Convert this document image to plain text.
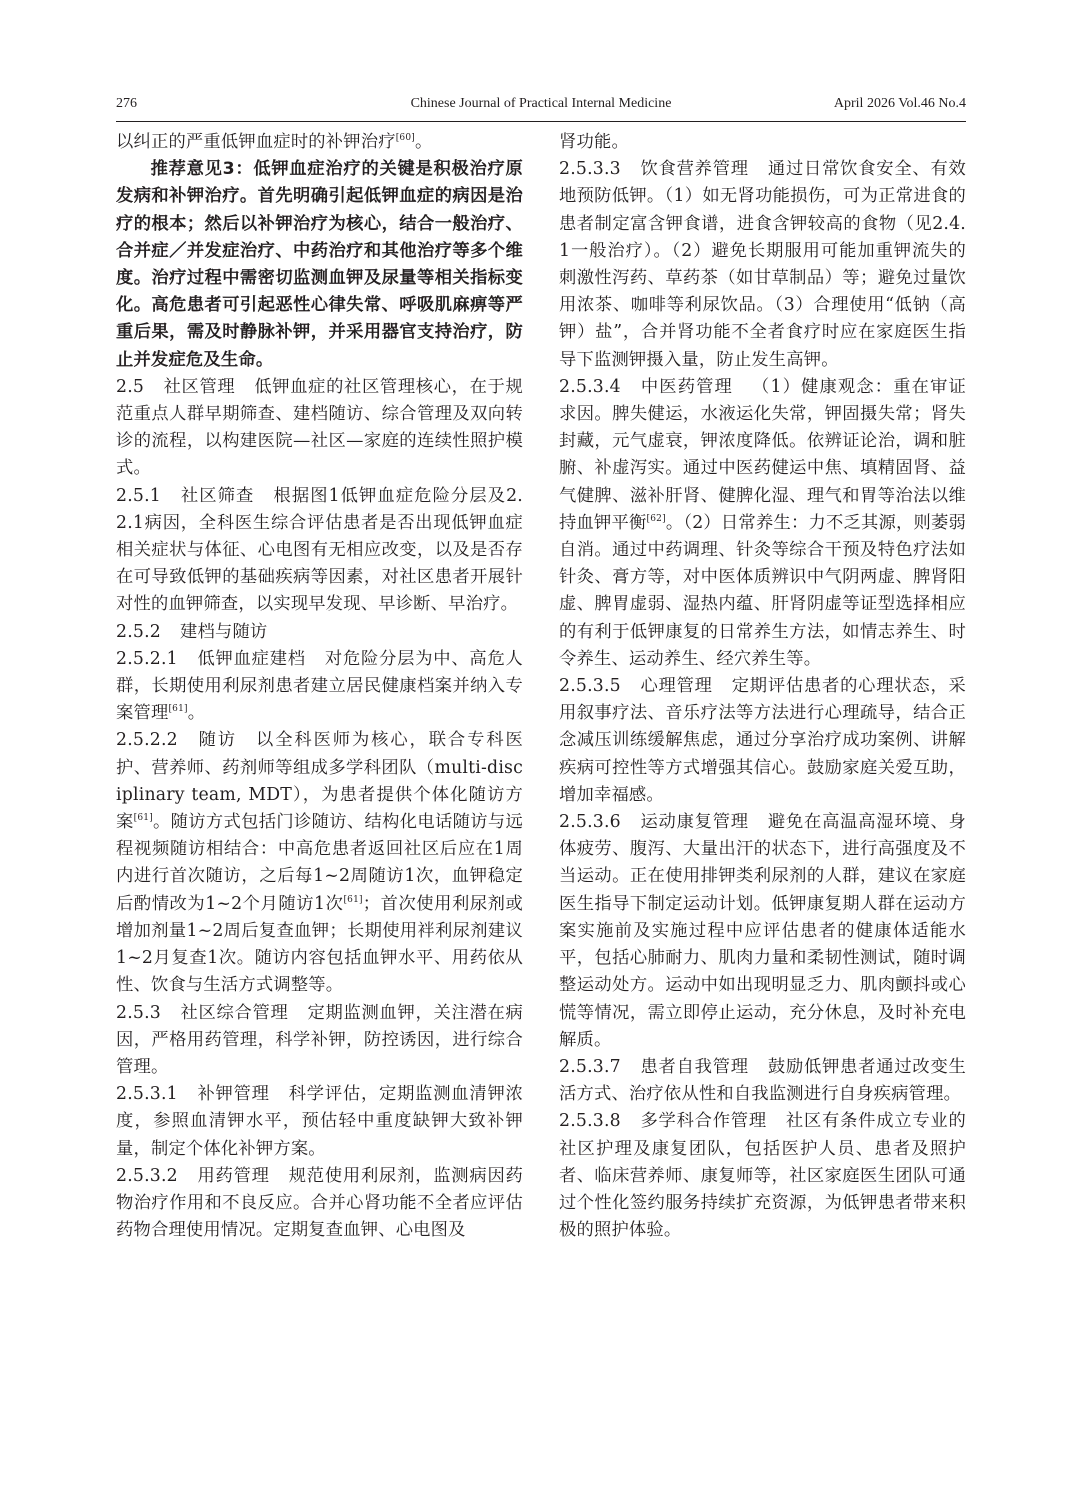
276	Chinese Journal of Practical Internal Medicine	April 2026 Vol.46 No.4

以纠正的严重低钾血症时的补钾治疗[60]。

推荐意见3：低钾血症治疗的关键是积极治疗原发病和补钾治疗。首先明确引起低钾血症的病因是治疗的根本；然后以补钾治疗为核心，结合一般治疗、合并症／并发症治疗、中药治疗和其他治疗等多个维度。治疗过程中需密切监测血钾及尿量等相关指标变化。高危患者可引起恶性心律失常、呼吸肌麻痹等严重后果，需及时静脉补钾，并采用器官支持治疗，防止并发症危及生命。

2.5 社区管理 低钾血症的社区管理核心，在于规范重点人群早期筛查、建档随访、综合管理及双向转诊的流程，以构建医院—社区—家庭的连续性照护模式。

2.5.1 社区筛查 根据图1低钾血症危险分层及2.2.1病因，全科医生综合评估患者是否出现低钾血症相关症状与体征、心电图有无相应改变，以及是否存在可导致低钾的基础疾病等因素，对社区患者开展针对性的血钾筛查，以实现早发现、早诊断、早治疗。

2.5.2 建档与随访

2.5.2.1 低钾血症建档 对危险分层为中、高危人群，长期使用利尿剂患者建立居民健康档案并纳入专案管理[61]。

2.5.2.2 随访 以全科医师为核心，联合专科医护、营养师、药剂师等组成多学科团队（multi-disciplinary team, MDT），为患者提供个体化随访方案[61]。随访方式包括门诊随访、结构化电话随访与远程视频随访相结合：中高危患者返回社区后应在1周内进行首次随访，之后每1~2周随访1次，血钾稳定后酌情改为1~2个月随访1次[61]；首次使用利尿剂或增加剂量1~2周后复查血钾；长期使用袢利尿剂建议1~2月复查1次。随访内容包括血钾水平、用药依从性、饮食与生活方式调整等。

2.5.3 社区综合管理 定期监测血钾，关注潜在病因，严格用药管理，科学补钾，防控诱因，进行综合管理。

2.5.3.1 补钾管理 科学评估，定期监测血清钾浓度，参照血清钾水平，预估轻中重度缺钾大致补钾量，制定个体化补钾方案。

2.5.3.2 用药管理 规范使用利尿剂，监测病因药物治疗作用和不良反应。合并心肾功能不全者应评估药物合理使用情况。定期复查血钾、心电图及

肾功能。

2.5.3.3 饮食营养管理 通过日常饮食安全、有效地预防低钾。（1）如无肾功能损伤，可为正常进食的患者制定富含钾食谱，进食含钾较高的食物（见2.4.1一般治疗）。（2）避免长期服用可能加重钾流失的刺激性泻药、草药茶（如甘草制品）等；避免过量饮用浓茶、咖啡等利尿饮品。（3）合理使用“低钠（高钾）盐”，合并肾功能不全者食疗时应在家庭医生指导下监测钾摄入量，防止发生高钾。

2.5.3.4 中医药管理 （1）健康观念：重在审证求因。脾失健运，水液运化失常，钾固摄失常；肾失封藏，元气虚衰，钾浓度降低。依辨证论治，调和脏腑、补虚泻实。通过中医药健运中焦、填精固肾、益气健脾、滋补肝肾、健脾化湿、理气和胃等治法以维持血钾平衡[62]。（2）日常养生：力不乏其源，则萎弱自消。通过中药调理、针灸等综合干预及特色疗法如针灸、膏方等，对中医体质辨识中气阴两虚、脾肾阳虚、脾胃虚弱、湿热内蕴、肝肾阴虚等证型选择相应的有利于低钾康复的日常养生方法，如情志养生、时令养生、运动养生、经穴养生等。

2.5.3.5 心理管理 定期评估患者的心理状态，采用叙事疗法、音乐疗法等方法进行心理疏导，结合正念减压训练缓解焦虑，通过分享治疗成功案例、讲解疾病可控性等方式增强其信心。鼓励家庭关爱互助，增加幸福感。

2.5.3.6 运动康复管理 避免在高温高湿环境、身体疲劳、腹泻、大量出汗的状态下，进行高强度及不当运动。正在使用排钾类利尿剂的人群，建议在家庭医生指导下制定运动计划。低钾康复期人群在运动方案实施前及实施过程中应评估患者的健康体适能水平，包括心肺耐力、肌肉力量和柔韧性测试，随时调整运动处方。运动中如出现明显乏力、肌肉颤抖或心慌等情况，需立即停止运动，充分休息，及时补充电解质。

2.5.3.7 患者自我管理 鼓励低钾患者通过改变生活方式、治疗依从性和自我监测进行自身疾病管理。

2.5.3.8 多学科合作管理 社区有条件成立专业的社区护理及康复团队，包括医护人员、患者及照护者、临床营养师、康复师等，社区家庭医生团队可通过个性化签约服务持续扩充资源，为低钾患者带来积极的照护体验。
